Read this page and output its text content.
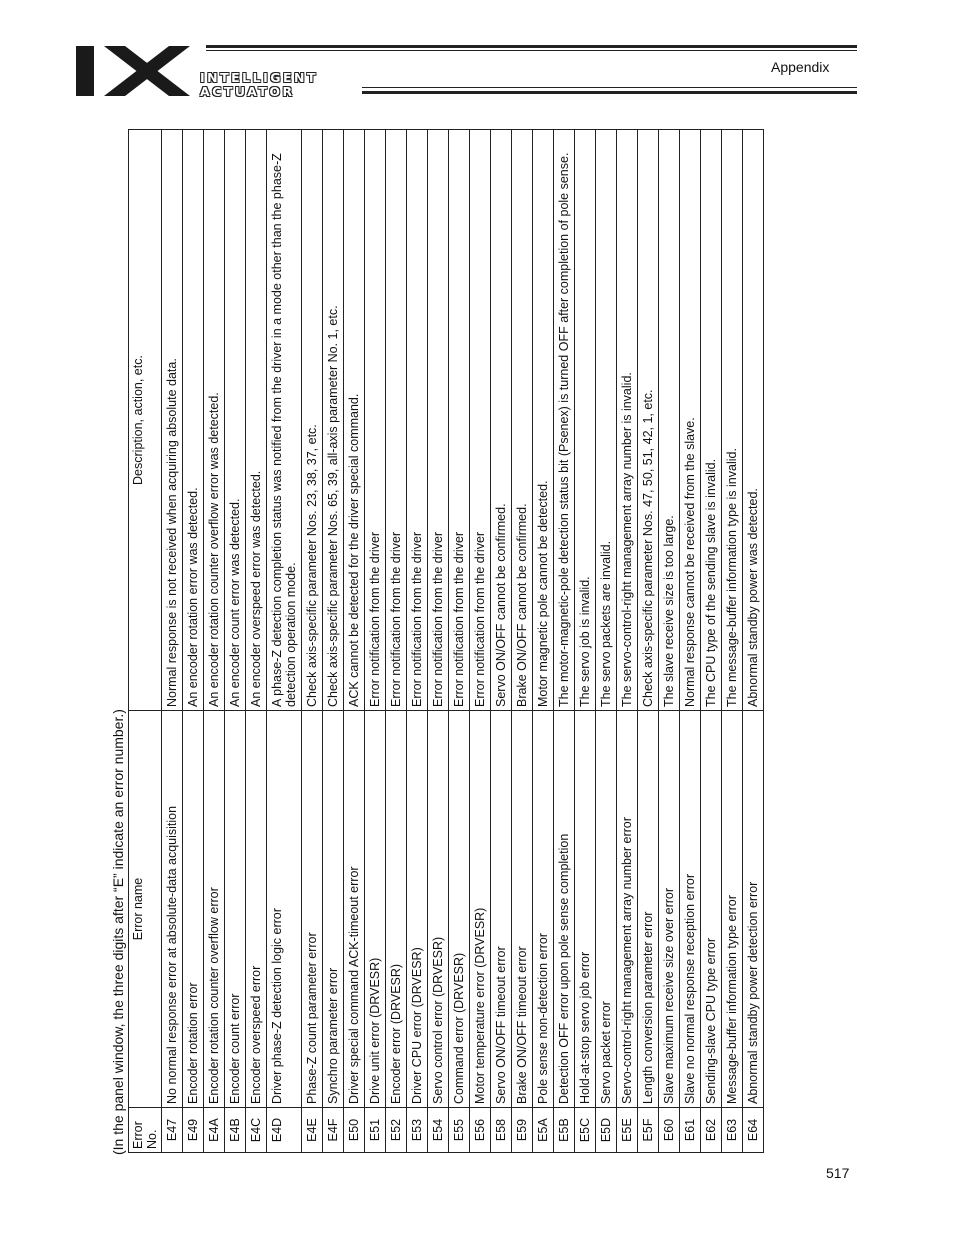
INTELLIGENT
ACTUATOR
Appendix
(In the panel window, the three digits after “E” indicate an error number.) Error No.	Error name	Description, action, etc.
E47	No normal response error at absolute-data acquisition	Normal response is not received when acquiring absolute data.
E49	Encoder rotation error	An encoder rotation error was detected.
E4A	Encoder rotation counter overflow error	An encoder rotation counter overflow error was detected.
E4B	Encoder count error	An encoder count error was detected.
E4C	Encoder overspeed error	An encoder overspeed error was detected.
E4D	Driver phase-Z detection logic error	A phase-Z detection completion status was notified from the driver in a mode other than the phase-Z detection operation mode.
E4E	Phase-Z count parameter error	Check axis-specific parameter Nos. 23, 38, 37, etc.
E4F	Synchro parameter error	Check axis-specific parameter Nos. 65, 39, all-axis parameter No. 1, etc.
E50	Driver special command ACK-timeout error	ACK cannot be detected for the driver special command.
E51	Drive unit error (DRVESR)	Error notification from the driver
E52	Encoder error (DRVESR)	Error notification from the driver
E53	Driver CPU error (DRVESR)	Error notification from the driver
E54	Servo control error (DRVESR)	Error notification from the driver
E55	Command error (DRVESR)	Error notification from the driver
E56	Motor temperature error (DRVESR)	Error notification from the driver
E58	Servo ON/OFF timeout error	Servo ON/OFF cannot be confirmed.
E59	Brake ON/OFF timeout error	Brake ON/OFF cannot be confirmed.
E5A	Pole sense non-detection error	Motor magnetic pole cannot be detected.
E5B	Detection OFF error upon pole sense completion	The motor-magnetic-pole detection status bit (Psenex) is turned OFF after completion of pole sense.
E5C	Hold-at-stop servo job error	The servo job is invalid.
E5D	Servo packet error	The servo packets are invalid.
E5E	Servo-control-right management array number error	The servo-control-right management array number is invalid.
E5F	Length conversion parameter error	Check axis-specific parameter Nos. 47, 50, 51, 42, 1, etc.
E60	Slave maximum receive size over error	The slave receive size is too large.
E61	Slave no normal response reception error	Normal response cannot be received from the slave.
E62	Sending-slave CPU type error	The CPU type of the sending slave is invalid.
E63	Message-buffer information type error	The message-buffer information type is invalid.
E64	Abnormal standby power detection error	Abnormal standby power was detected.
517
